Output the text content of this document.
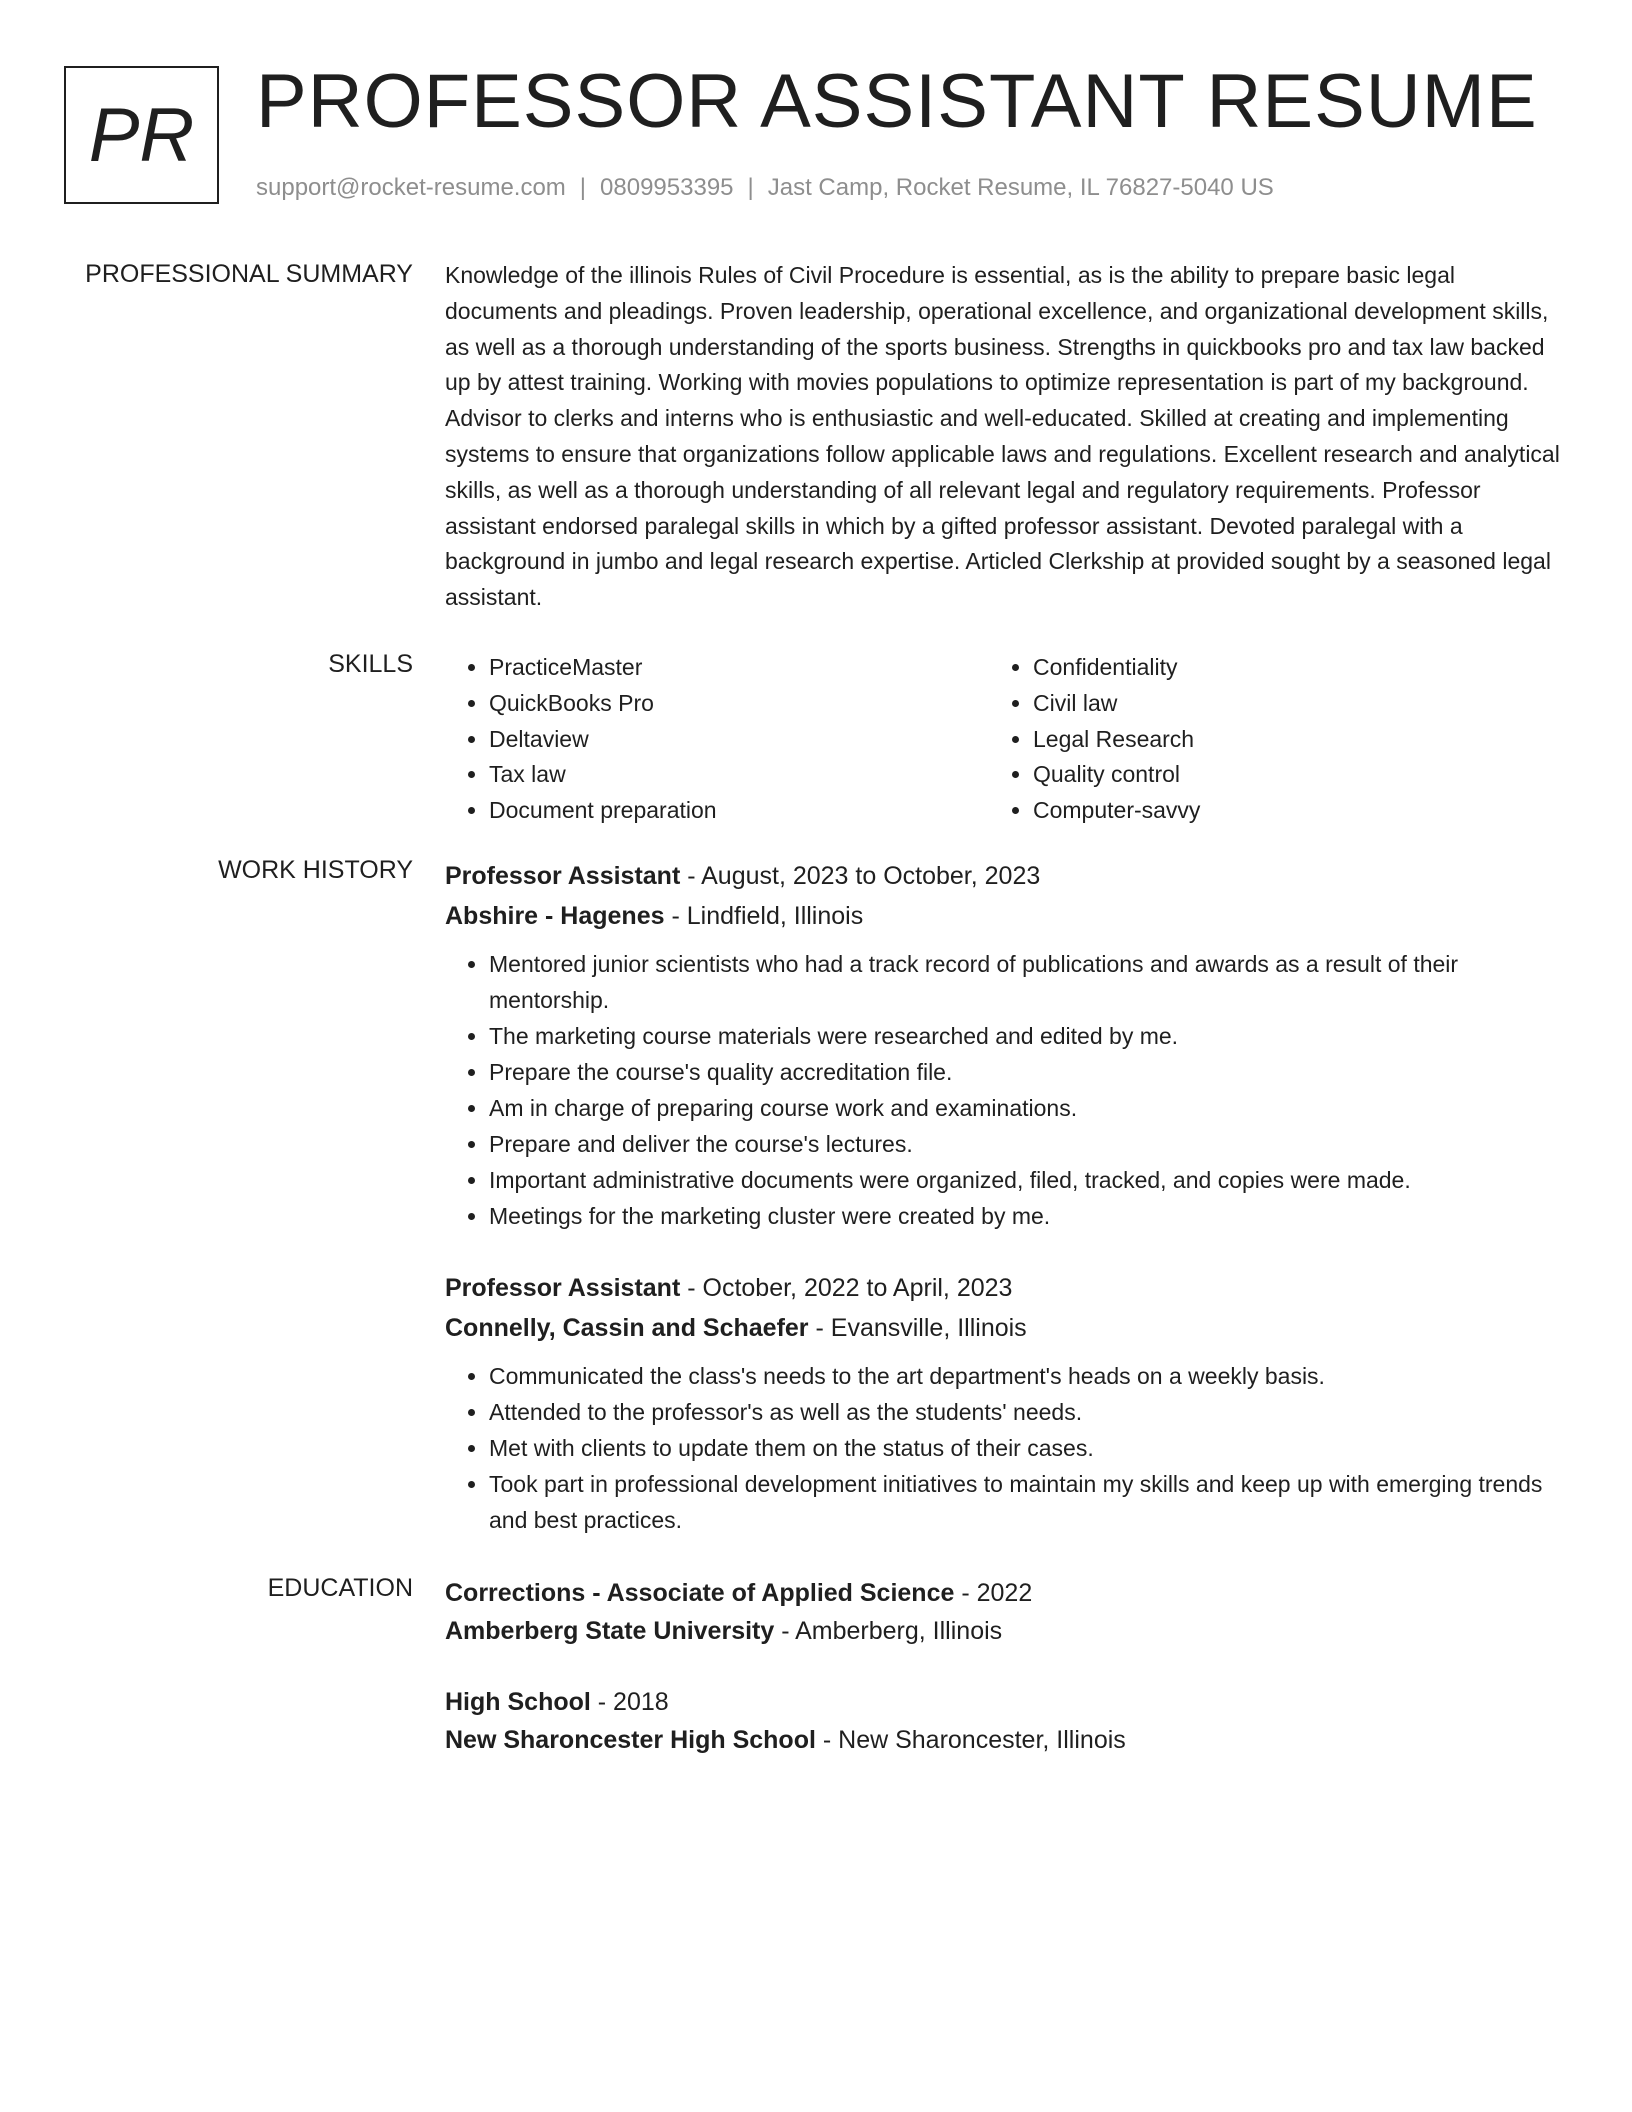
PR PROFESSOR ASSISTANT RESUME
support@rocket-resume.com | 0809953395 | Jast Camp, Rocket Resume, IL 76827-5040 US
PROFESSIONAL SUMMARY Knowledge of the illinois Rules of Civil Procedure is essential, as is the ability to prepare basic legal documents and pleadings. Proven leadership, operational excellence, and organizational development skills, as well as a thorough understanding of the sports business. Strengths in quickbooks pro and tax law backed up by attest training. Working with movies populations to optimize representation is part of my background. Advisor to clerks and interns who is enthusiastic and well-educated. Skilled at creating and implementing systems to ensure that organizations follow applicable laws and regulations. Excellent research and analytical skills, as well as a thorough understanding of all relevant legal and regulatory requirements. Professor assistant endorsed paralegal skills in which by a gifted professor assistant. Devoted paralegal with a background in jumbo and legal research expertise. Articled Clerkship at provided sought by a seasoned legal assistant.

SKILLS
•	PracticeMaster
• QuickBooks Pro
• Deltaview
• Tax law
• Document preparation
• Confidentiality
• Civil law
• Legal Research
• Quality control
• Computer-savvy
WORK HISTORY Professor Assistant - August, 2023 to October, 2023
Abshire - Hagenes - Lindfield, Illinois
• Mentored junior scientists who had a track record of publications and awards as a result of their mentorship.
• The marketing course materials were researched and edited by me.
• Prepare the course's quality accreditation file.
• Am in charge of preparing course work and examinations.
• Prepare and deliver the course's lectures.
• Important administrative documents were organized, filed, tracked, and copies were made.
• Meetings for the marketing cluster were created by me.
Professor Assistant - October, 2022 to April, 2023
Connelly, Cassin and Schaefer - Evansville, Illinois
• Communicated the class's needs to the art department's heads on a weekly basis.
• Attended to the professor's as well as the students' needs.
• Met with clients to update them on the status of their cases.
• Took part in professional development initiatives to maintain my skills and keep up with emerging trends and best practices.
EDUCATION Corrections - Associate of Applied Science - 2022
Amberberg State University - Amberberg, Illinois
High School - 2018
New Sharoncester High School - New Sharoncester, Illinois
